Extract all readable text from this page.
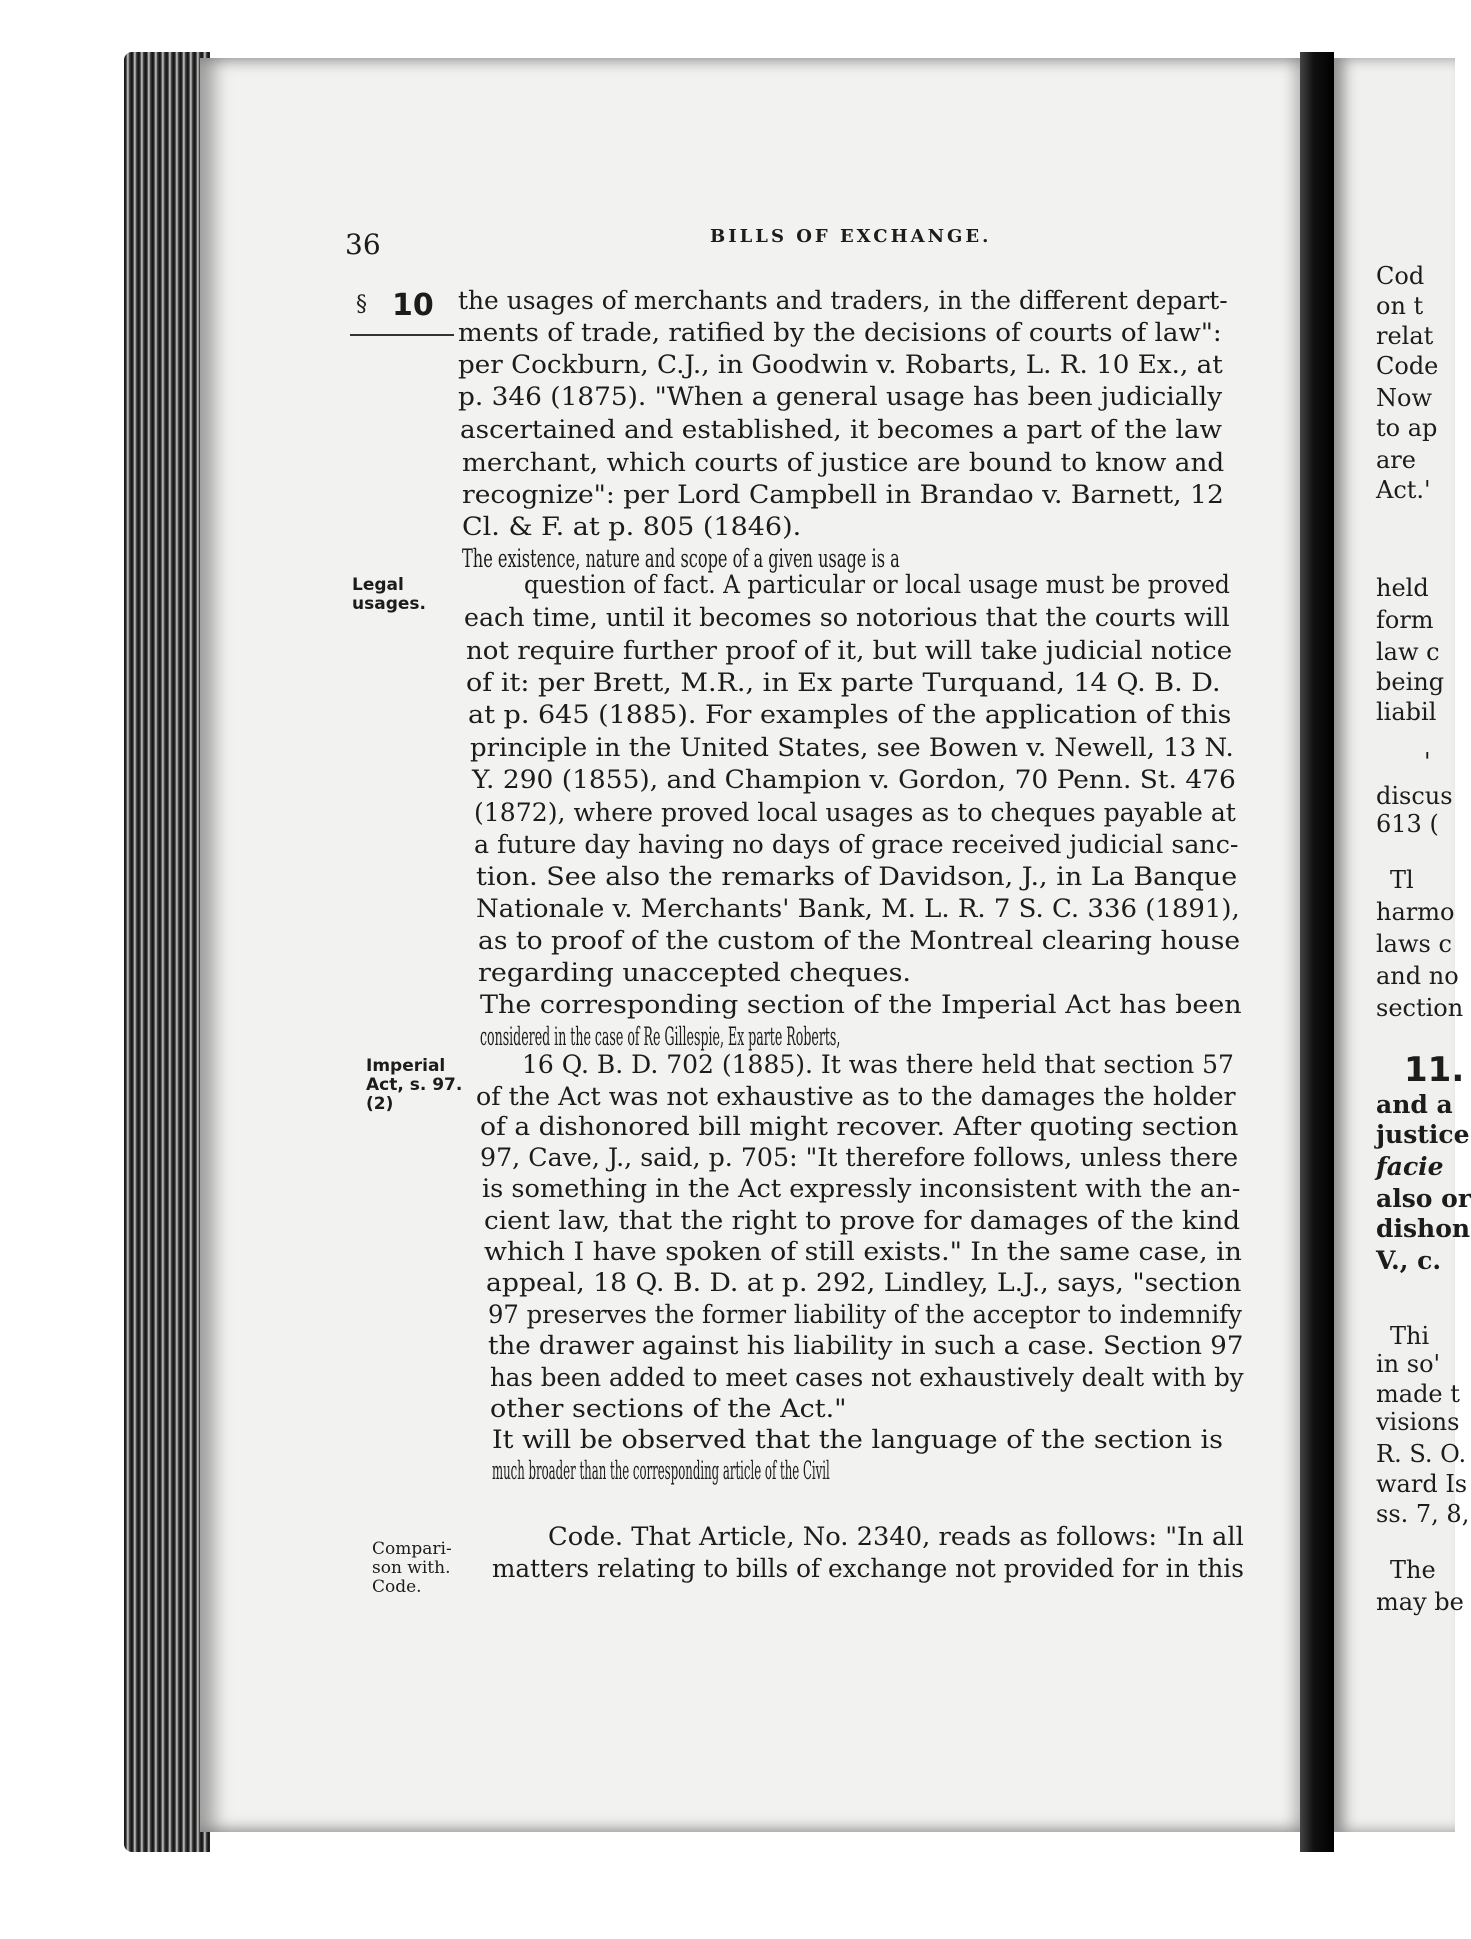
Cod
on t
relat
Code
Now
to ap
are
Act.'
held
form
law c
being
liabil
'
discus
613 (
Tl
harmo
laws c
and no
section
11.
and a
justice
facie
also or
dishon
V., c.
Thi
in so'
made t
visions
R. S. O.
ward Is
ss. 7, 8,
The
may be
36	BILLS OF EXCHANGE.
§ 10
Legal
usages.
Imperial
Act, s. 97.
(2)
Compari-
son with.
Code.
the usages of merchants and traders, in the different depart-
ments of trade, ratified by the decisions of courts of law":
per Cockburn, C.J., in Goodwin v. Robarts, L. R. 10 Ex., at
p. 346 (1875). "When a general usage has been judicially
ascertained and established, it becomes a part of the law
merchant, which courts of justice are bound to know and
recognize": per Lord Campbell in Brandao v. Barnett, 12
Cl. & F. at p. 805 (1846).
The existence, nature and scope of a given usage is a
question of fact. A particular or local usage must be proved
each time, until it becomes so notorious that the courts will
not require further proof of it, but will take judicial notice
of it: per Brett, M.R., in Ex parte Turquand, 14 Q. B. D.
at p. 645 (1885). For examples of the application of this
principle in the United States, see Bowen v. Newell, 13 N.
Y. 290 (1855), and Champion v. Gordon, 70 Penn. St. 476
(1872), where proved local usages as to cheques payable at
a future day having no days of grace received judicial sanc-
tion. See also the remarks of Davidson, J., in La Banque
Nationale v. Merchants' Bank, M. L. R. 7 S. C. 336 (1891),
as to proof of the custom of the Montreal clearing house
regarding unaccepted cheques.
The corresponding section of the Imperial Act has been
considered in the case of Re Gillespie, Ex parte Roberts,
16 Q. B. D. 702 (1885). It was there held that section 57
of the Act was not exhaustive as to the damages the holder
of a dishonored bill might recover. After quoting section
97, Cave, J., said, p. 705: "It therefore follows, unless there
is something in the Act expressly inconsistent with the an-
cient law, that the right to prove for damages of the kind
which I have spoken of still exists." In the same case, in
appeal, 18 Q. B. D. at p. 292, Lindley, L.J., says, "section
97 preserves the former liability of the acceptor to indemnify
the drawer against his liability in such a case. Section 97
has been added to meet cases not exhaustively dealt with by
other sections of the Act."
It will be observed that the language of the section is
much broader than the corresponding article of the Civil
Code. That Article, No. 2340, reads as follows: "In all
matters relating to bills of exchange not provided for in this
